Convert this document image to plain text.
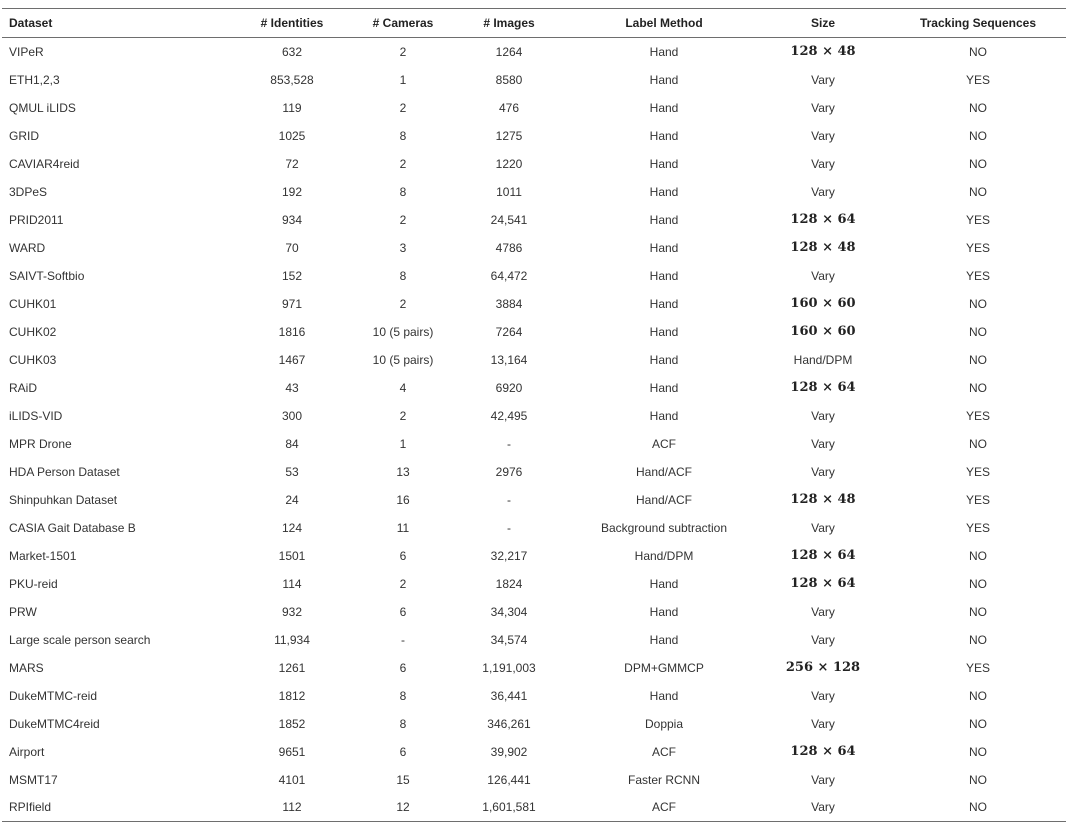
Dataset	# Identities	# Cameras	# Images	Label Method	Size	Tracking Sequences
VIPeR	632	2	1264	Hand	128 × 48	NO
ETH1,2,3	853,528	1	8580	Hand	Vary	YES
QMUL iLIDS	119	2	476	Hand	Vary	NO
GRID	1025	8	1275	Hand	Vary	NO
CAVIAR4reid	72	2	1220	Hand	Vary	NO
3DPeS	192	8	1011	Hand	Vary	NO
PRID2011	934	2	24,541	Hand	128 × 64	YES
WARD	70	3	4786	Hand	128 × 48	YES
SAIVT-Softbio	152	8	64,472	Hand	Vary	YES
CUHK01	971	2	3884	Hand	160 × 60	NO
CUHK02	1816	10 (5 pairs)	7264	Hand	160 × 60	NO
CUHK03	1467	10 (5 pairs)	13,164	Hand	Hand/DPM	NO
RAiD	43	4	6920	Hand	128 × 64	NO
iLIDS-VID	300	2	42,495	Hand	Vary	YES
MPR Drone	84	1	-	ACF	Vary	NO
HDA Person Dataset	53	13	2976	Hand/ACF	Vary	YES
Shinpuhkan Dataset	24	16	-	Hand/ACF	128 × 48	YES
CASIA Gait Database B	124	11	-	Background subtraction	Vary	YES
Market-1501	1501	6	32,217	Hand/DPM	128 × 64	NO
PKU-reid	114	2	1824	Hand	128 × 64	NO
PRW	932	6	34,304	Hand	Vary	NO
Large scale person search	11,934	-	34,574	Hand	Vary	NO
MARS	1261	6	1,191,003	DPM+GMMCP	256 × 128	YES
DukeMTMC-reid	1812	8	36,441	Hand	Vary	NO
DukeMTMC4reid	1852	8	346,261	Doppia	Vary	NO
Airport	9651	6	39,902	ACF	128 × 64	NO
MSMT17	4101	15	126,441	Faster RCNN	Vary	NO
RPIfield	112	12	1,601,581	ACF	Vary	NO
